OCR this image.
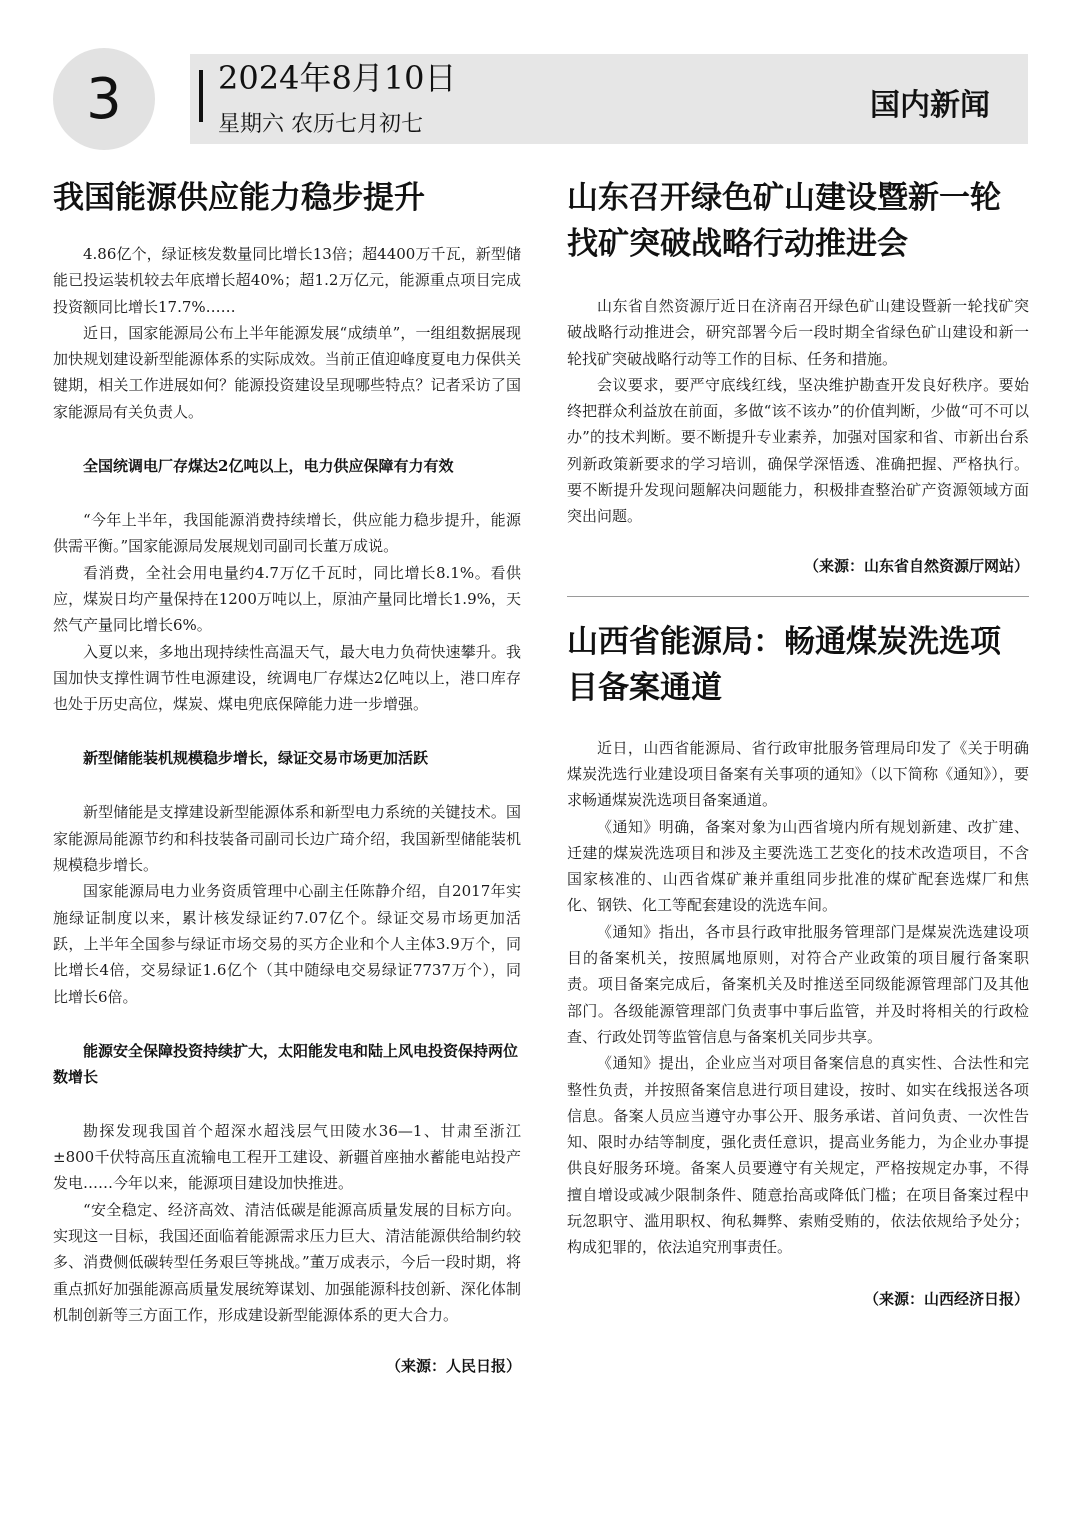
3	2024年8月10日
星期六 农历七月初七
国内新闻
我国能源供应能力稳步提升

4.86亿个，绿证核发数量同比增长13倍；超4400万千瓦，新型储能已投运装机较去年底增长超40%；超1.2万亿元，能源重点项目完成投资额同比增长17.7%……

近日，国家能源局公布上半年能源发展“成绩单”，一组组数据展现加快规划建设新型能源体系的实际成效。当前正值迎峰度夏电力保供关键期，相关工作进展如何？能源投资建设呈现哪些特点？记者采访了国家能源局有关负责人。

全国统调电厂存煤达2亿吨以上，电力供应保障有力有效

“今年上半年，我国能源消费持续增长，供应能力稳步提升，能源供需平衡。”国家能源局发展规划司副司长董万成说。

看消费，全社会用电量约4.7万亿千瓦时，同比增长8.1%。看供应，煤炭日均产量保持在1200万吨以上，原油产量同比增长1.9%，天然气产量同比增长6%。

入夏以来，多地出现持续性高温天气，最大电力负荷快速攀升。我国加快支撑性调节性电源建设，统调电厂存煤达2亿吨以上，港口库存也处于历史高位，煤炭、煤电兜底保障能力进一步增强。

新型储能装机规模稳步增长，绿证交易市场更加活跃

新型储能是支撑建设新型能源体系和新型电力系统的关键技术。国家能源局能源节约和科技装备司副司长边广琦介绍，我国新型储能装机规模稳步增长。

国家能源局电力业务资质管理中心副主任陈静介绍，自2017年实施绿证制度以来，累计核发绿证约7.07亿个。绿证交易市场更加活跃，上半年全国参与绿证市场交易的买方企业和个人主体3.9万个，同比增长4倍，交易绿证1.6亿个（其中随绿电交易绿证7737万个），同比增长6倍。

能源安全保障投资持续扩大，太阳能发电和陆上风电投资保持两位数增长

勘探发现我国首个超深水超浅层气田陵水36—1、甘肃至浙江±800千伏特高压直流输电工程开工建设、新疆首座抽水蓄能电站投产发电……今年以来，能源项目建设加快推进。

“安全稳定、经济高效、清洁低碳是能源高质量发展的目标方向。实现这一目标，我国还面临着能源需求压力巨大、清洁能源供给制约较多、消费侧低碳转型任务艰巨等挑战。”董万成表示，今后一段时期，将重点抓好加强能源高质量发展统筹谋划、加强能源科技创新、深化体制机制创新等三方面工作，形成建设新型能源体系的更大合力。

（来源：人民日报）
山东召开绿色矿山建设暨新一轮找矿突破战略行动推进会

山东省自然资源厅近日在济南召开绿色矿山建设暨新一轮找矿突破战略行动推进会，研究部署今后一段时期全省绿色矿山建设和新一轮找矿突破战略行动等工作的目标、任务和措施。

会议要求，要严守底线红线，坚决维护勘查开发良好秩序。要始终把群众利益放在前面，多做“该不该办”的价值判断，少做“可不可以办”的技术判断。要不断提升专业素养，加强对国家和省、市新出台系列新政策新要求的学习培训，确保学深悟透、准确把握、严格执行。要不断提升发现问题解决问题能力，积极排查整治矿产资源领域方面突出问题。

（来源：山东省自然资源厅网站）
山西省能源局：畅通煤炭洗选项目备案通道

近日，山西省能源局、省行政审批服务管理局印发了《关于明确煤炭洗选行业建设项目备案有关事项的通知》（以下简称《通知》），要求畅通煤炭洗选项目备案通道。

《通知》明确，备案对象为山西省境内所有规划新建、改扩建、迁建的煤炭洗选项目和涉及主要洗选工艺变化的技术改造项目，不含国家核准的、山西省煤矿兼并重组同步批准的煤矿配套选煤厂和焦化、钢铁、化工等配套建设的洗选车间。

《通知》指出，各市县行政审批服务管理部门是煤炭洗选建设项目的备案机关，按照属地原则，对符合产业政策的项目履行备案职责。项目备案完成后，备案机关及时推送至同级能源管理部门及其他部门。各级能源管理部门负责事中事后监管，并及时将相关的行政检查、行政处罚等监管信息与备案机关同步共享。

《通知》提出，企业应当对项目备案信息的真实性、合法性和完整性负责，并按照备案信息进行项目建设，按时、如实在线报送各项信息。备案人员应当遵守办事公开、服务承诺、首问负责、一次性告知、限时办结等制度，强化责任意识，提高业务能力，为企业办事提供良好服务环境。备案人员要遵守有关规定，严格按规定办事，不得擅自增设或减少限制条件、随意抬高或降低门槛；在项目备案过程中玩忽职守、滥用职权、徇私舞弊、索贿受贿的，依法依规给予处分；构成犯罪的，依法追究刑事责任。

（来源：山西经济日报）
